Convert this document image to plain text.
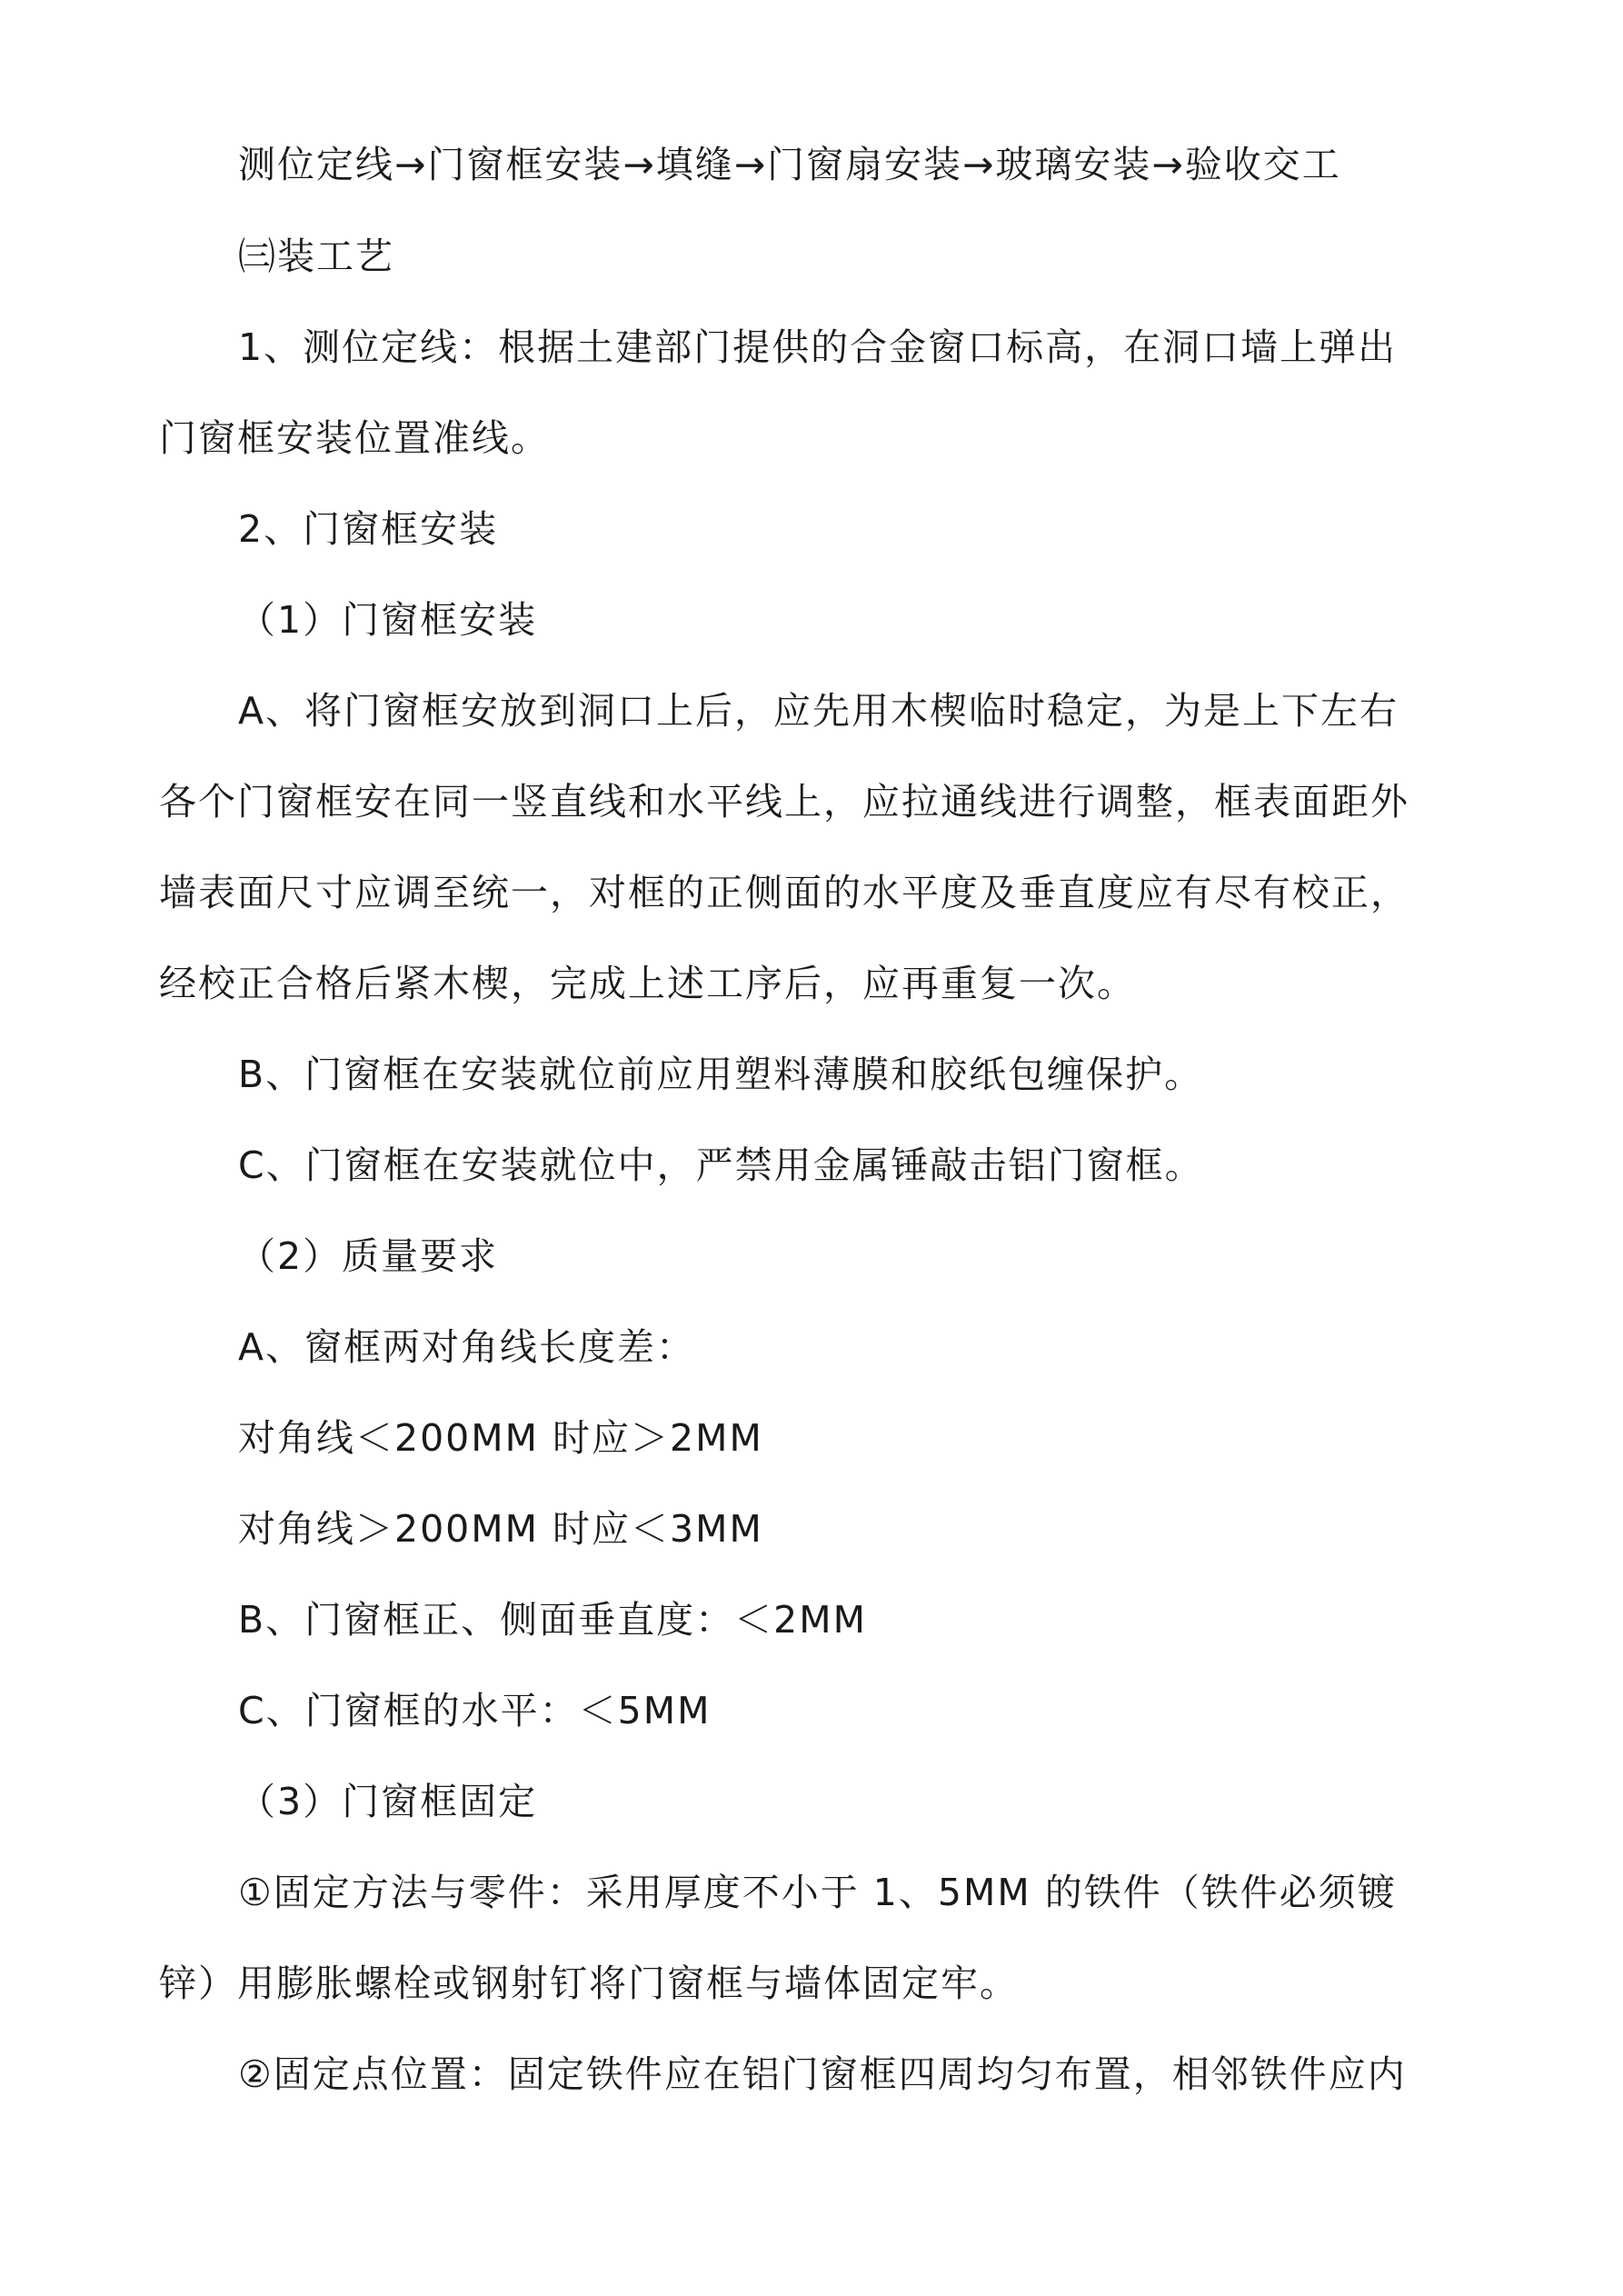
测位定线→门窗框安装→填缝→门窗扇安装→玻璃安装→验收交工
㈢装工艺
1、测位定线：根据土建部门提供的合金窗口标高，在洞口墙上弹出
门窗框安装位置准线。
2、门窗框安装
（1）门窗框安装
A、将门窗框安放到洞口上后，应先用木楔临时稳定，为是上下左右
各个门窗框安在同一竖直线和水平线上，应拉通线进行调整，框表面距外
墙表面尺寸应调至统一，对框的正侧面的水平度及垂直度应有尽有校正，
经校正合格后紧木楔，完成上述工序后，应再重复一次。
B、门窗框在安装就位前应用塑料薄膜和胶纸包缠保护。
C、门窗框在安装就位中，严禁用金属锤敲击铝门窗框。
（2）质量要求
A、窗框两对角线长度差：
对角线＜200MM 时应＞2MM
对角线＞200MM 时应＜3MM
B、门窗框正、侧面垂直度：＜2MM
C、门窗框的水平：＜5MM
（3）门窗框固定
①固定方法与零件：采用厚度不小于 1、5MM 的铁件（铁件必须镀
锌）用膨胀螺栓或钢射钉将门窗框与墙体固定牢。
②固定点位置：固定铁件应在铝门窗框四周均匀布置，相邻铁件应内
